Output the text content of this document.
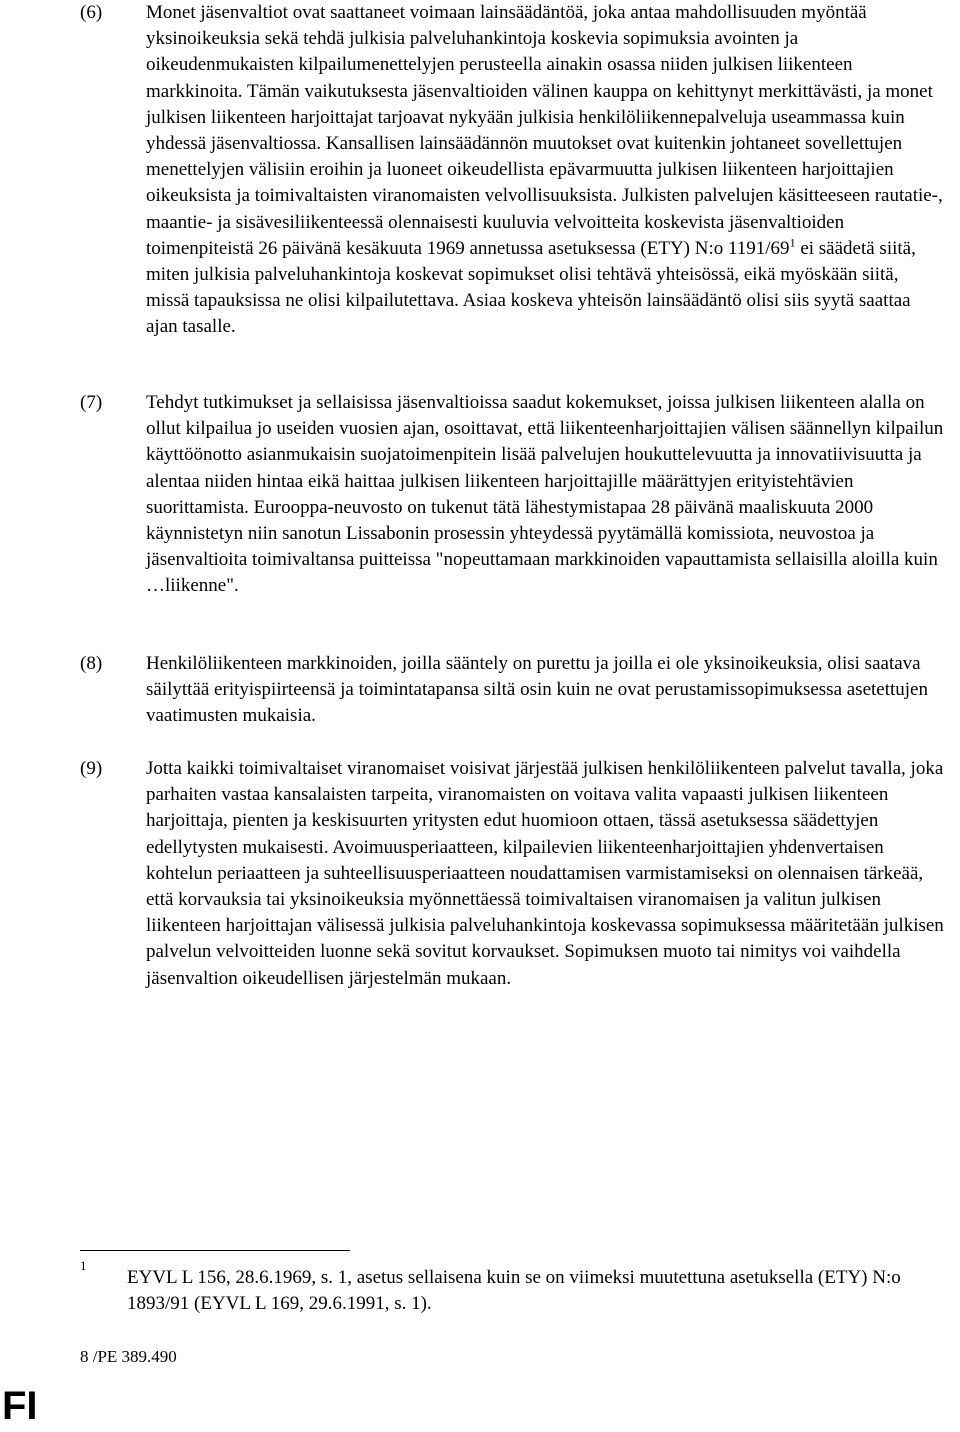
(6) Monet jäsenvaltiot ovat saattaneet voimaan lainsäädäntöä, joka antaa mahdollisuuden myöntää yksinoikeuksia sekä tehdä julkisia palveluhankintoja koskevia sopimuksia avointen ja oikeudenmukaisten kilpailumenettelyjen perusteella ainakin osassa niiden julkisen liikenteen markkinoita. Tämän vaikutuksesta jäsenvaltioiden välinen kauppa on kehittynyt merkittävästi, ja monet julkisen liikenteen harjoittajat tarjoavat nykyään julkisia henkilöliikennepalveluja useammassa kuin yhdessä jäsenvaltiossa. Kansallisen lainsäädännön muutokset ovat kuitenkin johtaneet sovellettujen menettelyjen välisiin eroihin ja luoneet oikeudellista epävarmuutta julkisen liikenteen harjoittajien oikeuksista ja toimivaltaisten viranomaisten velvollisuuksista. Julkisten palvelujen käsitteeseen rautatie-, maantie- ja sisävesiliikenteessä olennaisesti kuuluvia velvoitteita koskevista jäsenvaltioiden toimenpiteistä 26 päivänä kesäkuuta 1969 annetussa asetuksessa (ETY) N:o $1191/69^1$ ei säädetä siitä, miten julkisia palveluhankintoja koskevat sopimukset olisi tehtävä yhteisössä, eikä myöskään siitä, missä tapauksissa ne olisi kilpailutettava. Asiaa koskeva yhteisön lainsäädäntö olisi siis syytä saattaa ajan tasalle.
(7) Tehdyt tutkimukset ja sellaisissa jäsenvaltioissa saadut kokemukset, joissa julkisen liikenteen alalla on ollut kilpailua jo useiden vuosien ajan, osoittavat, että liikenteenharjoittajien välisen säännellyn kilpailun käyttöönotto asianmukaisin suojatoimenpitein lisää palvelujen houkuttelevuutta ja innovatiivisuutta ja alentaa niiden hintaa eikä haittaa julkisen liikenteen harjoittajille määrättyjen erityistehtävien suorittamista. Eurooppa-neuvosto on tukenut tätä lähestymistapaa 28 päivänä maaliskuuta 2000 käynnistetyn niin sanotun Lissabonin prosessin yhteydessä pyytämällä komissiota, neuvostoa ja jäsenvaltioita toimivaltansa puitteissa "nopeuttamaan markkinoiden vapauttamista sellaisilla aloilla kuin …liikenne".
(8) Henkilöliikenteen markkinoiden, joilla sääntely on purettu ja joilla ei ole yksinoikeuksia, olisi saatava säilyttää erityispiirteensä ja toimintatapansa siltä osin kuin ne ovat perustamissopimuksessa asetettujen vaatimusten mukaisia.
(9) Jotta kaikki toimivaltaiset viranomaiset voisivat järjestää julkisen henkilöliikenteen palvelut tavalla, joka parhaiten vastaa kansalaisten tarpeita, viranomaisten on voitava valita vapaasti julkisen liikenteen harjoittaja, pienten ja keskisuurten yritysten edut huomioon ottaen, tässä asetuksessa säädettyjen edellytysten mukaisesti. Avoimuusperiaatteen, kilpailevien liikenteenharjoittajien yhdenvertaisen kohtelun periaatteen ja suhteellisuusperiaatteen noudattamisen varmistamiseksi on olennaisen tärkeää, että korvauksia tai yksinoikeuksia myönnettäessä toimivaltaisen viranomaisen ja valitun julkisen liikenteen harjoittajan välisessä julkisia palveluhankintoja koskevassa sopimuksessa määritetään julkisen palvelun velvoitteiden luonne sekä sovitut korvaukset. Sopimuksen muoto tai nimitys voi vaihdella jäsenvaltion oikeudellisen järjestelmän mukaan.
1
EYVL L 156, 28.6.1969, s. 1, asetus sellaisena kuin se on viimeksi muutettuna asetuksella (ETY) N:o 1893/91 (EYVL L 169, 29.6.1991, s. 1).
8 /PE 389.490
FI
